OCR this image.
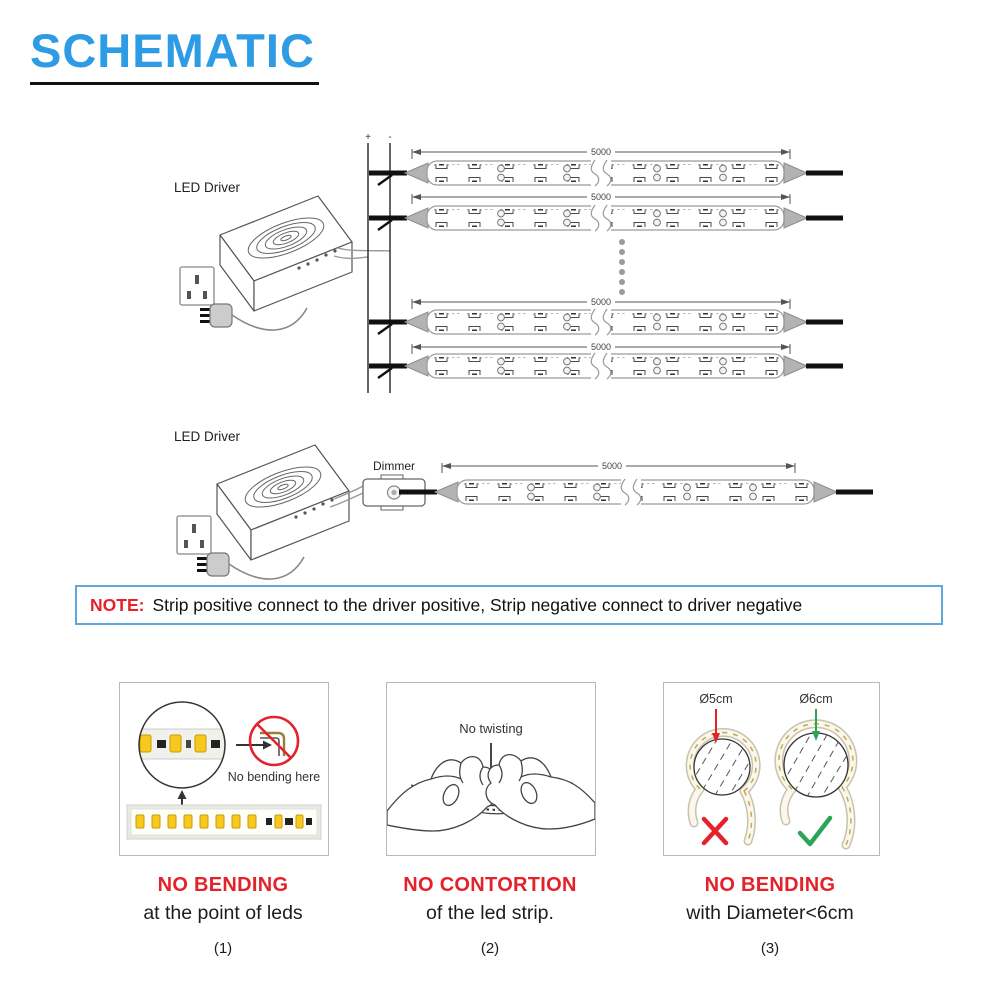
SCHEMATIC
LED Driver
+ -
5000
5000
5000
5000
LED Driver
Dimmer	5000
NOTE: Strip positive connect to the driver positive, Strip negative connect to driver negative
No bending here
No twisting
Ø5cm	Ø6cm
NO BENDING
at the point of leds
(1)
NO CONTORTION
of the led strip.
(2)
NO BENDING
with Diameter<6cm
(3)
